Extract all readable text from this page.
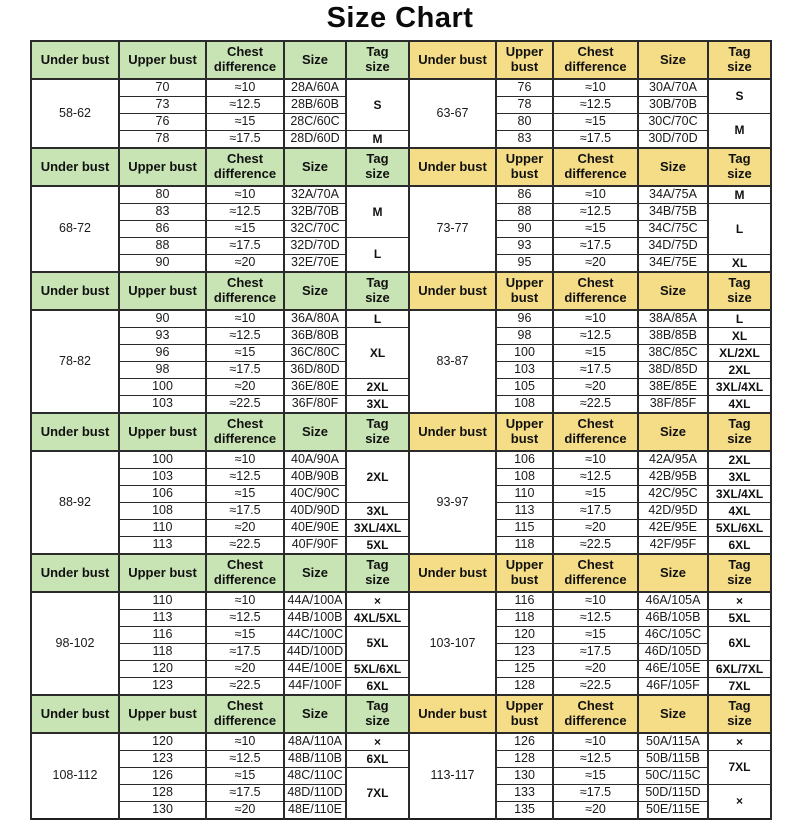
Size Chart
Under bust	Upper bust	Chest difference	Size	Tag size	Under bust	Upper bust	Chest difference	Size	Tag size
58-62	70	≈10	28A/60A	S	63-67	76	≈10	30A/70A	S
	73	≈12.5	28B/60B			78	≈12.5	30B/70B	
	76	≈15	28C/60C			80	≈15	30C/70C	M
	78	≈17.5	28D/60D	M		83	≈17.5	30D/70D	
Under bust	Upper bust	Chest difference	Size	Tag size	Under bust	Upper bust	Chest difference	Size	Tag size
68-72	80	≈10	32A/70A	M	73-77	86	≈10	34A/75A	M
	83	≈12.5	32B/70B			88	≈12.5	34B/75B	L
	86	≈15	32C/70C			90	≈15	34C/75C	
	88	≈17.5	32D/70D	L		93	≈17.5	34D/75D	
	90	≈20	32E/70E			95	≈20	34E/75E	XL
Under bust	Upper bust	Chest difference	Size	Tag size	Under bust	Upper bust	Chest difference	Size	Tag size
78-82	90	≈10	36A/80A	L	83-87	96	≈10	38A/85A	L
	93	≈12.5	36B/80B	XL		98	≈12.5	38B/85B	XL
	96	≈15	36C/80C			100	≈15	38C/85C	XL/2XL
	98	≈17.5	36D/80D			103	≈17.5	38D/85D	2XL
	100	≈20	36E/80E	2XL		105	≈20	38E/85E	3XL/4XL
	103	≈22.5	36F/80F	3XL		108	≈22.5	38F/85F	4XL
Under bust	Upper bust	Chest difference	Size	Tag size	Under bust	Upper bust	Chest difference	Size	Tag size
88-92	100	≈10	40A/90A	2XL	93-97	106	≈10	42A/95A	2XL
	103	≈12.5	40B/90B			108	≈12.5	42B/95B	3XL
	106	≈15	40C/90C			110	≈15	42C/95C	3XL/4XL
	108	≈17.5	40D/90D	3XL		113	≈17.5	42D/95D	4XL
	110	≈20	40E/90E	3XL/4XL		115	≈20	42E/95E	5XL/6XL
	113	≈22.5	40F/90F	5XL		118	≈22.5	42F/95F	6XL
Under bust	Upper bust	Chest difference	Size	Tag size	Under bust	Upper bust	Chest difference	Size	Tag size
98-102	110	≈10	44A/100A	×	103-107	116	≈10	46A/105A	×
	113	≈12.5	44B/100B	4XL/5XL		118	≈12.5	46B/105B	5XL
	116	≈15	44C/100C	5XL		120	≈15	46C/105C	6XL
	118	≈17.5	44D/100D			123	≈17.5	46D/105D	
	120	≈20	44E/100E	5XL/6XL		125	≈20	46E/105E	6XL/7XL
	123	≈22.5	44F/100F	6XL		128	≈22.5	46F/105F	7XL
Under bust	Upper bust	Chest difference	Size	Tag size	Under bust	Upper bust	Chest difference	Size	Tag size
108-112	120	≈10	48A/110A	×	113-117	126	≈10	50A/115A	×
	123	≈12.5	48B/110B	6XL		128	≈12.5	50B/115B	7XL
	126	≈15	48C/110C	7XL		130	≈15	50C/115C	
	128	≈17.5	48D/110D			133	≈17.5	50D/115D	×
	130	≈20	48E/110E			135	≈20	50E/115E	
